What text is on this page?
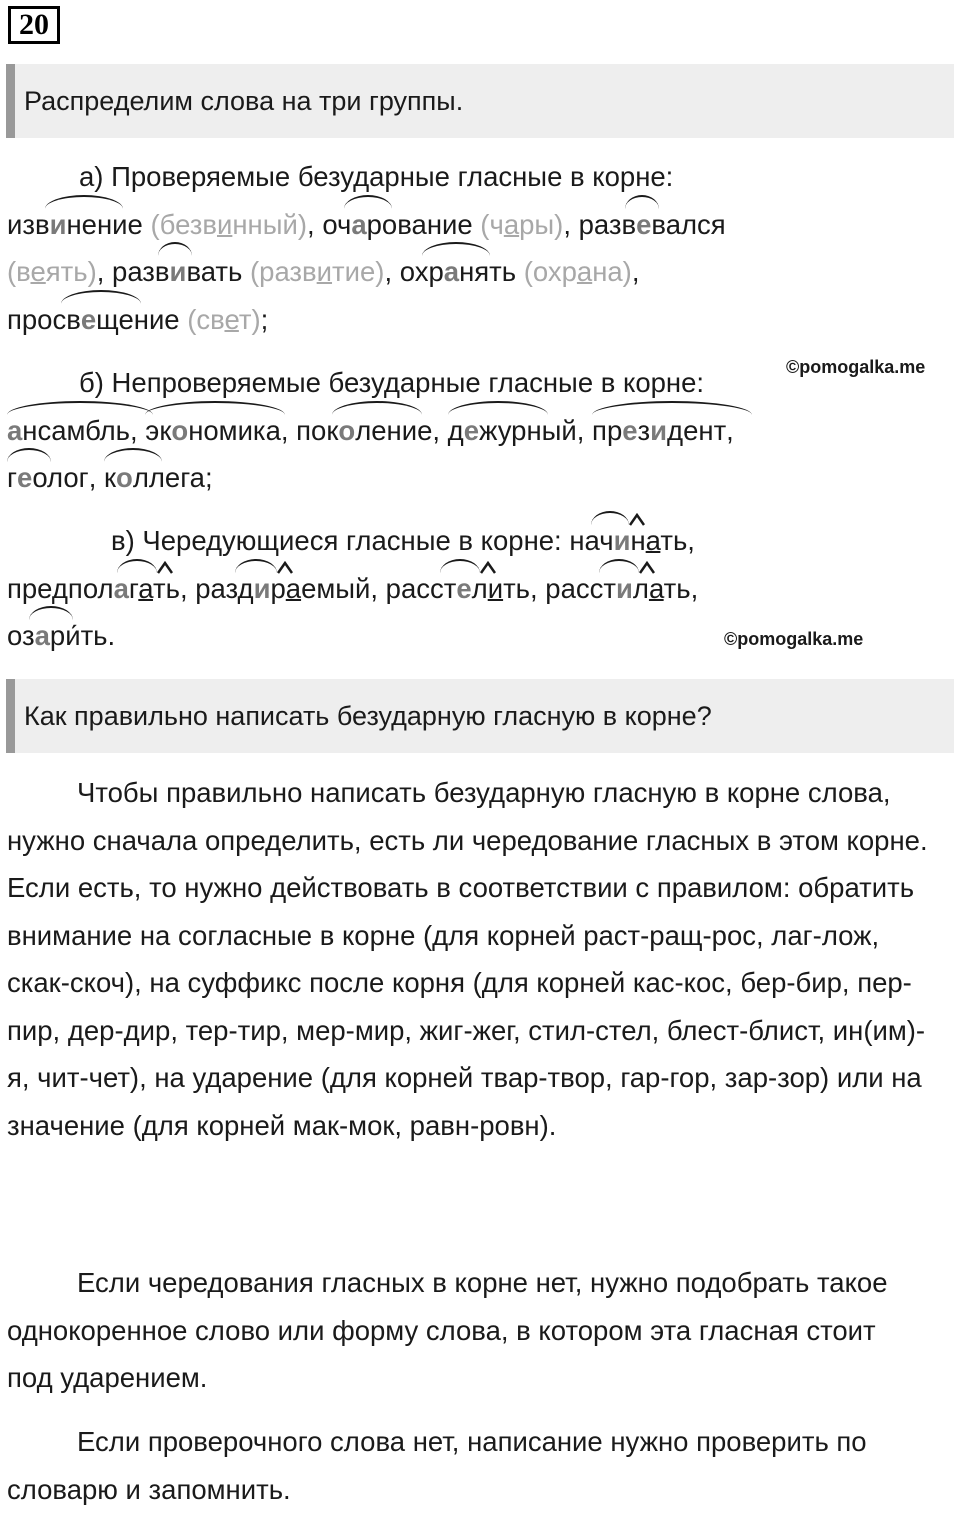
20
Распределим слова на три группы.
а) Проверяемые безударные гласные в корне:
извинение
(безвинный), очарование
(чары), развевался
(веять), развивать
(развитие), охранять
(охрана),
просвещение
(свет);
©pomogalka.me
б) Непроверяемые безударные гласные в корне:
ансамбль
, экономика
, поколение
, дежурный
, президент
,
геолог
, коллега
;
в) Чередующиеся гласные в корне: начинать
,
предполагать
, раздираемый
, расстелить
, расстилать
,
озари́ть
.	©pomogalka.me
Как правильно написать безударную гласную в корне?
Чтобы правильно написать безударную гласную в корне слова, нужно сначала определить, есть ли чередование гласных в этом корне. Если есть, то нужно действовать в соответствии с правилом: обратить внимание на согласные в корне (для корней раст-ращ-рос, лаг-лож, скак-скоч), на суффикс после корня (для корней кас-кос, бер-бир, пер-пир, дер-дир, тер-тир, мер-мир, жиг-жег, стил-стел, блест-блист, ин(им)-я, чит-чет), на ударение (для корней твар-твор, гар-гор, зар-зор) или на значение (для корней мак-мок, равн-ровн).
Если чередования гласных в корне нет, нужно подобрать такое однокоренное слово или форму слова, в котором эта гласная стоит под ударением.
Если проверочного слова нет, написание нужно проверить по словарю и запомнить.
